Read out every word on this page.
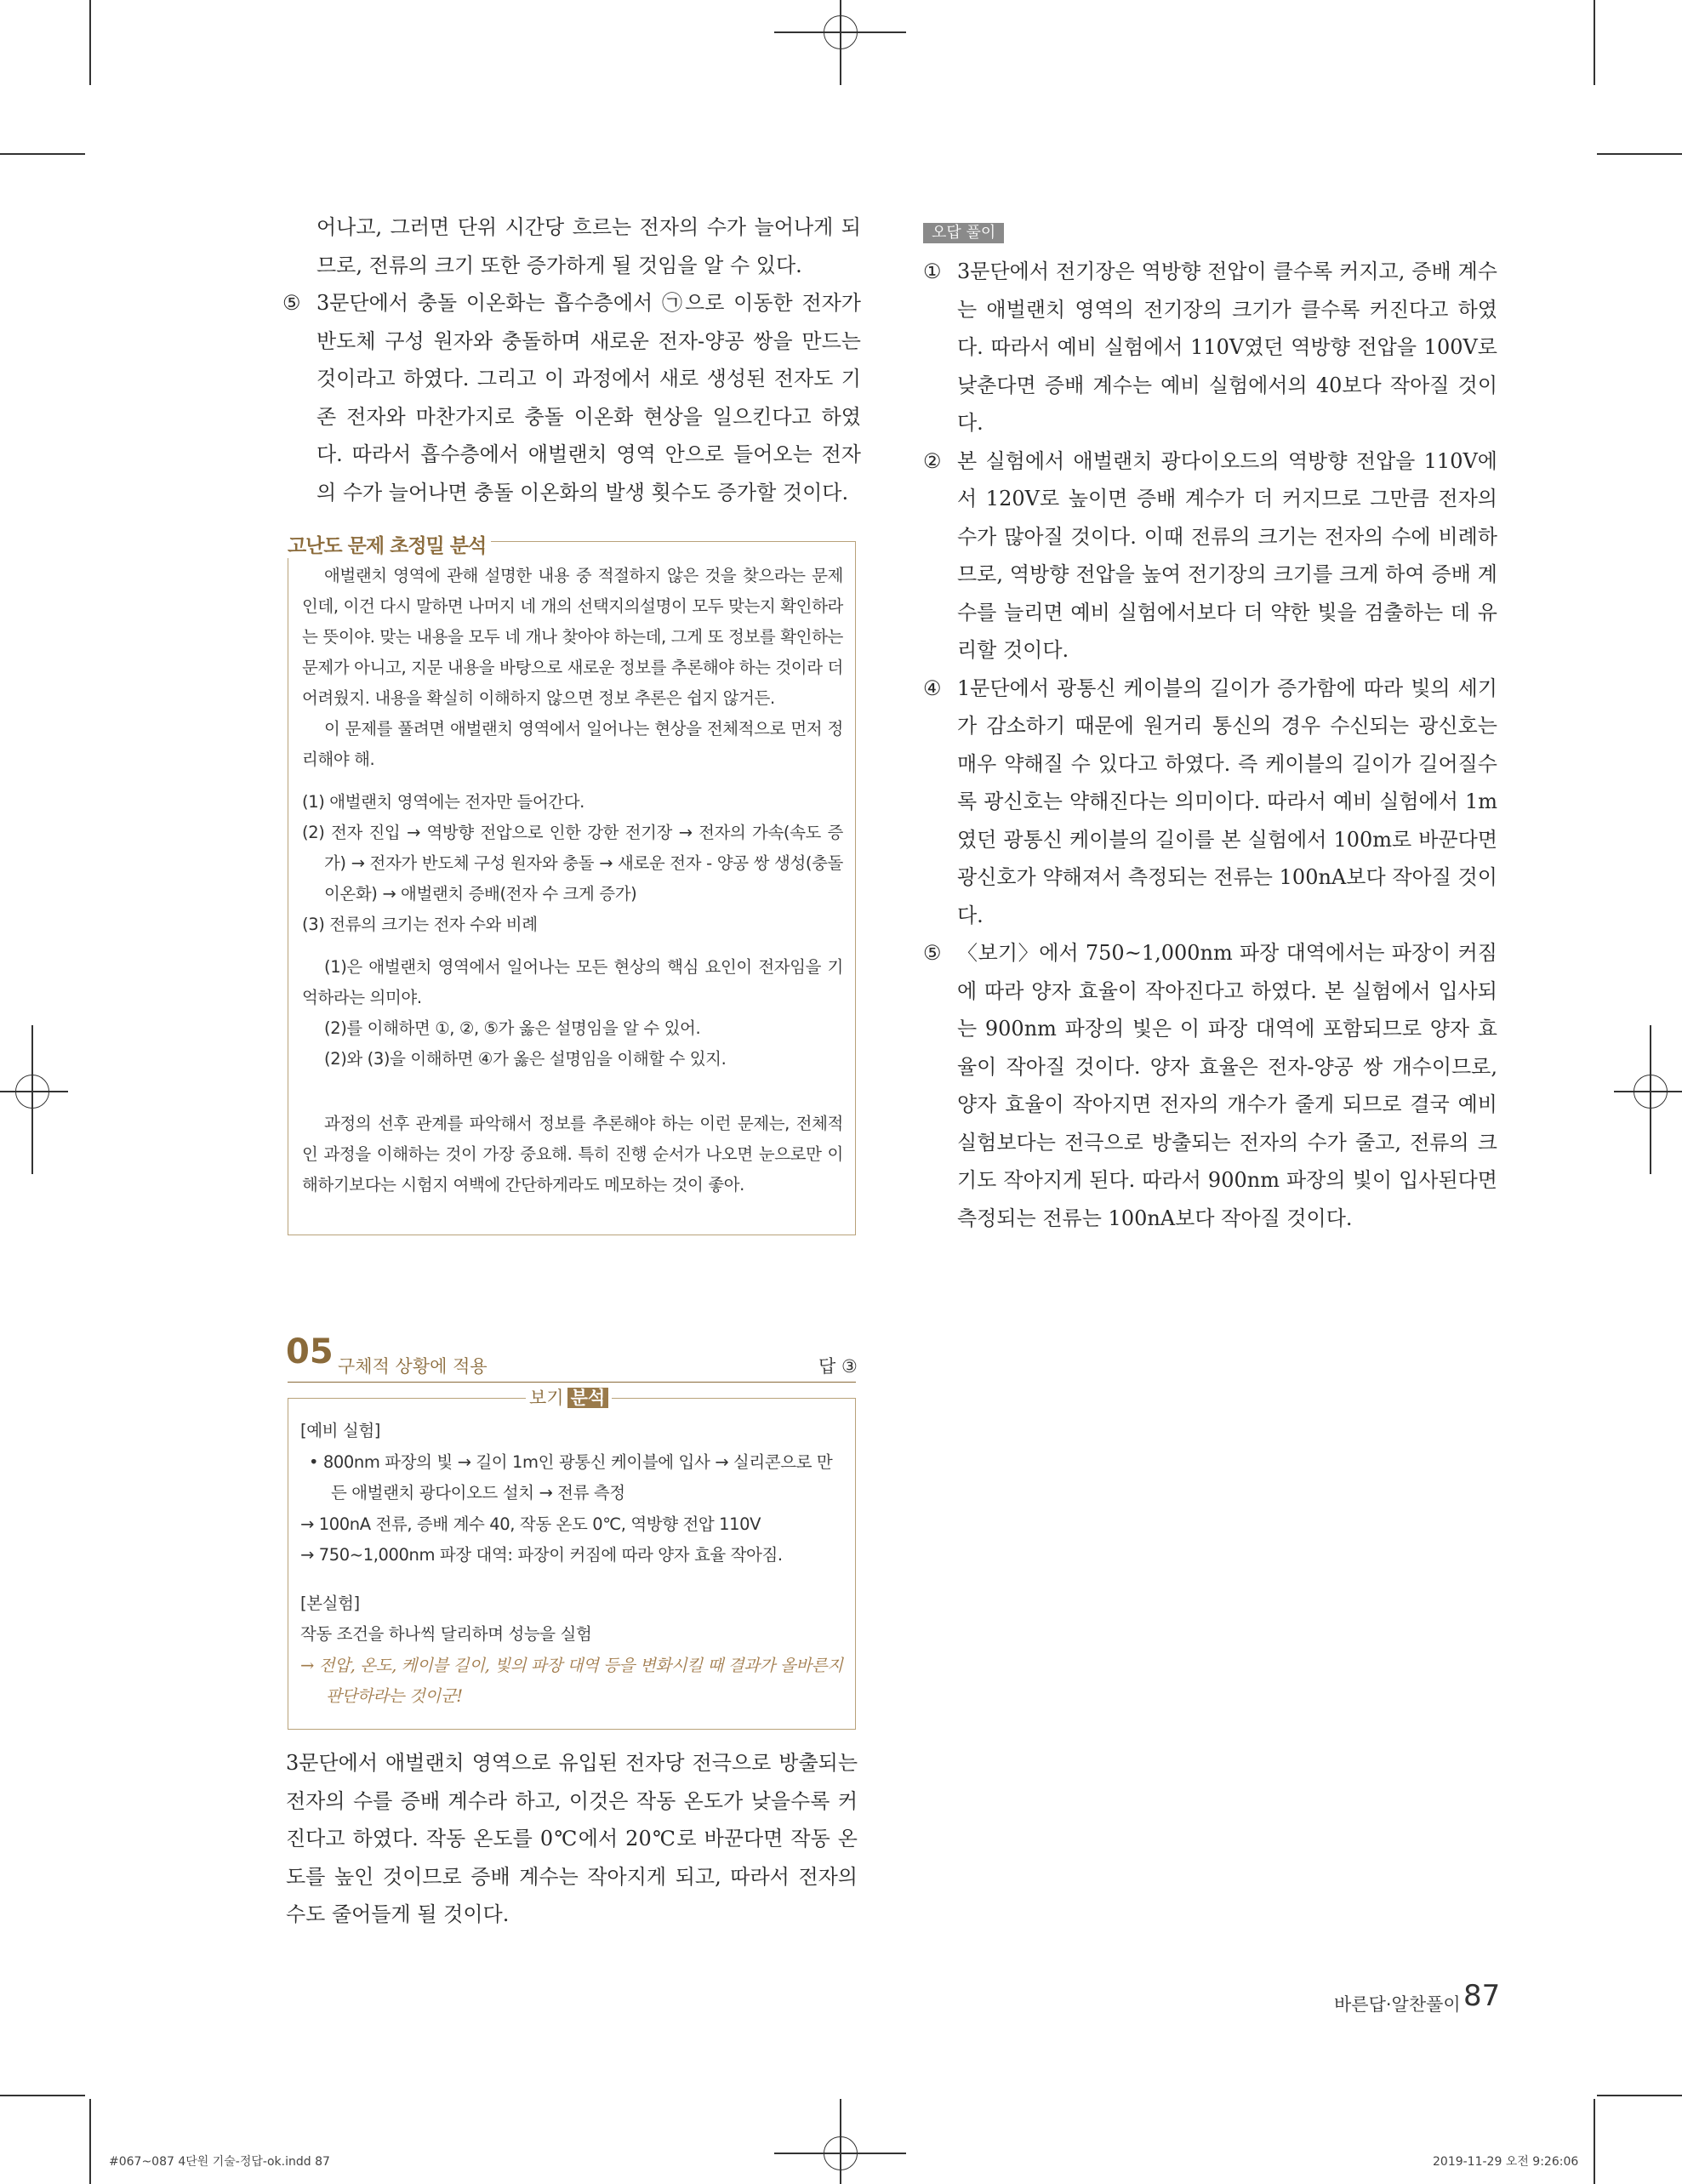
어나고, 그러면 단위 시간당 흐르는 전자의 수가 늘어나게 되므로, 전류의 크기 또한 증가하게 될 것임을 알 수 있다.

⑤ 3문단에서 충돌 이온화는 흡수층에서 ㉠으로 이동한 전자가 반도체 구성 원자와 충돌하며 새로운 전자-양공 쌍을 만드는 것이라고 하였다. 그리고 이 과정에서 새로 생성된 전자도 기존 전자와 마찬가지로 충돌 이온화 현상을 일으킨다고 하였다. 따라서 흡수층에서 애벌랜치 영역 안으로 들어오는 전자의 수가 늘어나면 충돌 이온화의 발생 횟수도 증가할 것이다.

애벌랜치 영역에 관해 설명한 내용 중 적절하지 않은 것을 찾으라는 문제인데, 이건 다시 말하면 나머지 네 개의 선택지의설명이 모두 맞는지 확인하라는 뜻이야. 맞는 내용을 모두 네 개나 찾아야 하는데, 그게 또 정보를 확인하는 문제가 아니고, 지문 내용을 바탕으로 새로운 정보를 추론해야 하는 것이라 더 어려웠지. 내용을 확실히 이해하지 않으면 정보 추론은 쉽지 않거든.

이 문제를 풀려면 애벌랜치 영역에서 일어나는 현상을 전체적으로 먼저 정리해야 해.

(1) 애벌랜치 영역에는 전자만 들어간다.

(2) 전자 진입 → 역방향 전압으로 인한 강한 전기장 → 전자의 가속(속도 증가) → 전자가 반도체 구성 원자와 충돌 → 새로운 전자 - 양공 쌍 생성(충돌 이온화) → 애벌랜치 증배(전자 수 크게 증가)

(3) 전류의 크기는 전자 수와 비례

(1)은 애벌랜치 영역에서 일어나는 모든 현상의 핵심 요인이 전자임을 기억하라는 의미야.

(2)를 이해하면 ①, ②, ⑤가 옳은 설명임을 알 수 있어.

(2)와 (3)을 이해하면 ④가 옳은 설명임을 이해할 수 있지.

과정의 선후 관계를 파악해서 정보를 추론해야 하는 이런 문제는, 전체적인 과정을 이해하는 것이 가장 중요해. 특히 진행 순서가 나오면 눈으로만 이해하기보다는 시험지 여백에 간단하게라도 메모하는 것이 좋아.

고난도 문제 초정밀 분석
05 구체적 상황에 적용	답 ③

[예비 실험]

• 800nm 파장의 빛 → 길이 1m인 광통신 케이블에 입사 → 실리콘으로 만든 애벌랜치 광다이오드 설치 → 전류 측정

→ 100nA 전류, 증배 계수 40, 작동 온도 0℃, 역방향 전압 110V

→ 750~1,000nm 파장 대역: 파장이 커짐에 따라 양자 효율 작아짐.

[본실험]

작동 조건을 하나씩 달리하며 성능을 실험

→ 전압, 온도, 케이블 길이, 빛의 파장 대역 등을 변화시킬 때 결과가 올바른지 판단하라는 것이군!

보기 분석

3문단에서 애벌랜치 영역으로 유입된 전자당 전극으로 방출되는 전자의 수를 증배 계수라 하고, 이것은 작동 온도가 낮을수록 커진다고 하였다. 작동 온도를 0℃에서 20℃로 바꾼다면 작동 온도를 높인 것이므로 증배 계수는 작아지게 되고, 따라서 전자의 수도 줄어들게 될 것이다.

오답 풀이
① 3문단에서 전기장은 역방향 전압이 클수록 커지고, 증배 계수는 애벌랜치 영역의 전기장의 크기가 클수록 커진다고 하였다. 따라서 예비 실험에서 110V였던 역방향 전압을 100V로 낮춘다면 증배 계수는 예비 실험에서의 40보다 작아질 것이다.
② 본 실험에서 애벌랜치 광다이오드의 역방향 전압을 110V에서 120V로 높이면 증배 계수가 더 커지므로 그만큼 전자의 수가 많아질 것이다. 이때 전류의 크기는 전자의 수에 비례하므로, 역방향 전압을 높여 전기장의 크기를 크게 하여 증배 계수를 늘리면 예비 실험에서보다 더 약한 빛을 검출하는 데 유리할 것이다.
④ 1문단에서 광통신 케이블의 길이가 증가함에 따라 빛의 세기가 감소하기 때문에 원거리 통신의 경우 수신되는 광신호는 매우 약해질 수 있다고 하였다. 즉 케이블의 길이가 길어질수록 광신호는 약해진다는 의미이다. 따라서 예비 실험에서 1m였던 광통신 케이블의 길이를 본 실험에서 100m로 바꾼다면 광신호가 약해져서 측정되는 전류는 100nA보다 작아질 것이다.
⑤ 〈보기〉에서 750~1,000nm 파장 대역에서는 파장이 커짐에 따라 양자 효율이 작아진다고 하였다. 본 실험에서 입사되는 900nm 파장의 빛은 이 파장 대역에 포함되므로 양자 효율이 작아질 것이다. 양자 효율은 전자-양공 쌍 개수이므로, 양자 효율이 작아지면 전자의 개수가 줄게 되므로 결국 예비 실험보다는 전극으로 방출되는 전자의 수가 줄고, 전류의 크기도 작아지게 된다. 따라서 900nm 파장의 빛이 입사된다면 측정되는 전류는 100nA보다 작아질 것이다.
바른답·알찬풀이 87
#067~087 4단원 기술-정답-ok.indd 87	2019-11-29 오전 9:26:06
